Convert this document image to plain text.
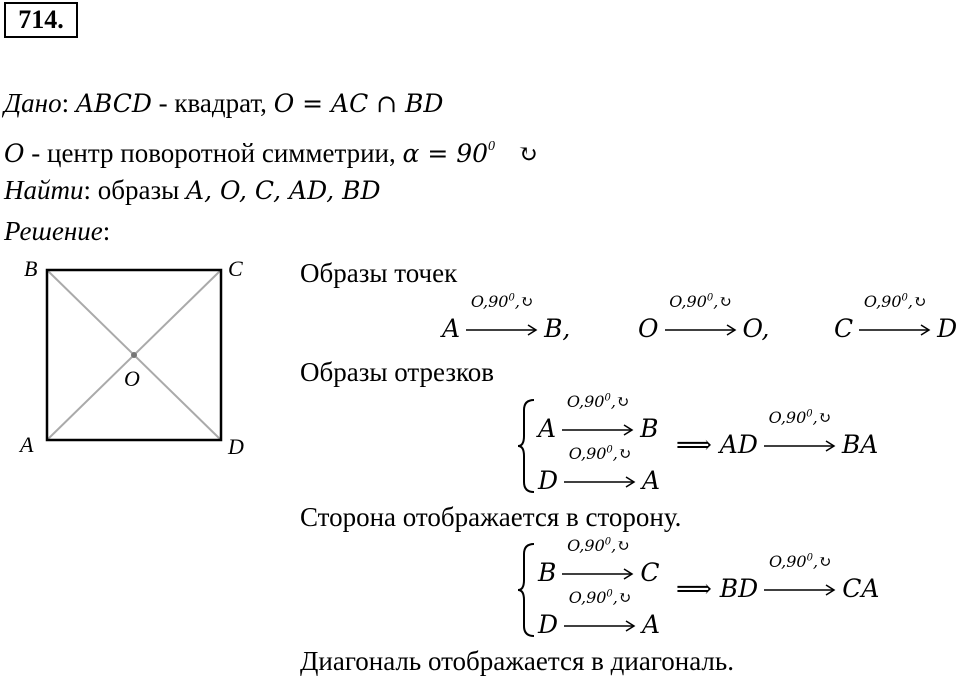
714.
Дано: ABCD - квадрат, O = AC ∩ BD
O - центр поворотной симметрии, $\alpha = 90^0$ ↻
Найти: образы A, O, C, AD, BD
Решение:
B	C
A	D
O
Образы точек
A
$O,90^0,↻$
B,	O
$O,90^0,↻$
O,	C
$O,90^0,↻$
D
Образы отрезков
A
$O,90^0,↻$
B
D
$O,90^0,↻$
A
⟹ AD
$O,90^0,↻$
BA
Сторона отображается в сторону.
B
$O,90^0,↻$
C
D
$O,90^0,↻$
A
⟹ BD
$O,90^0,↻$
CA
Диагональ отображается в диагональ.
